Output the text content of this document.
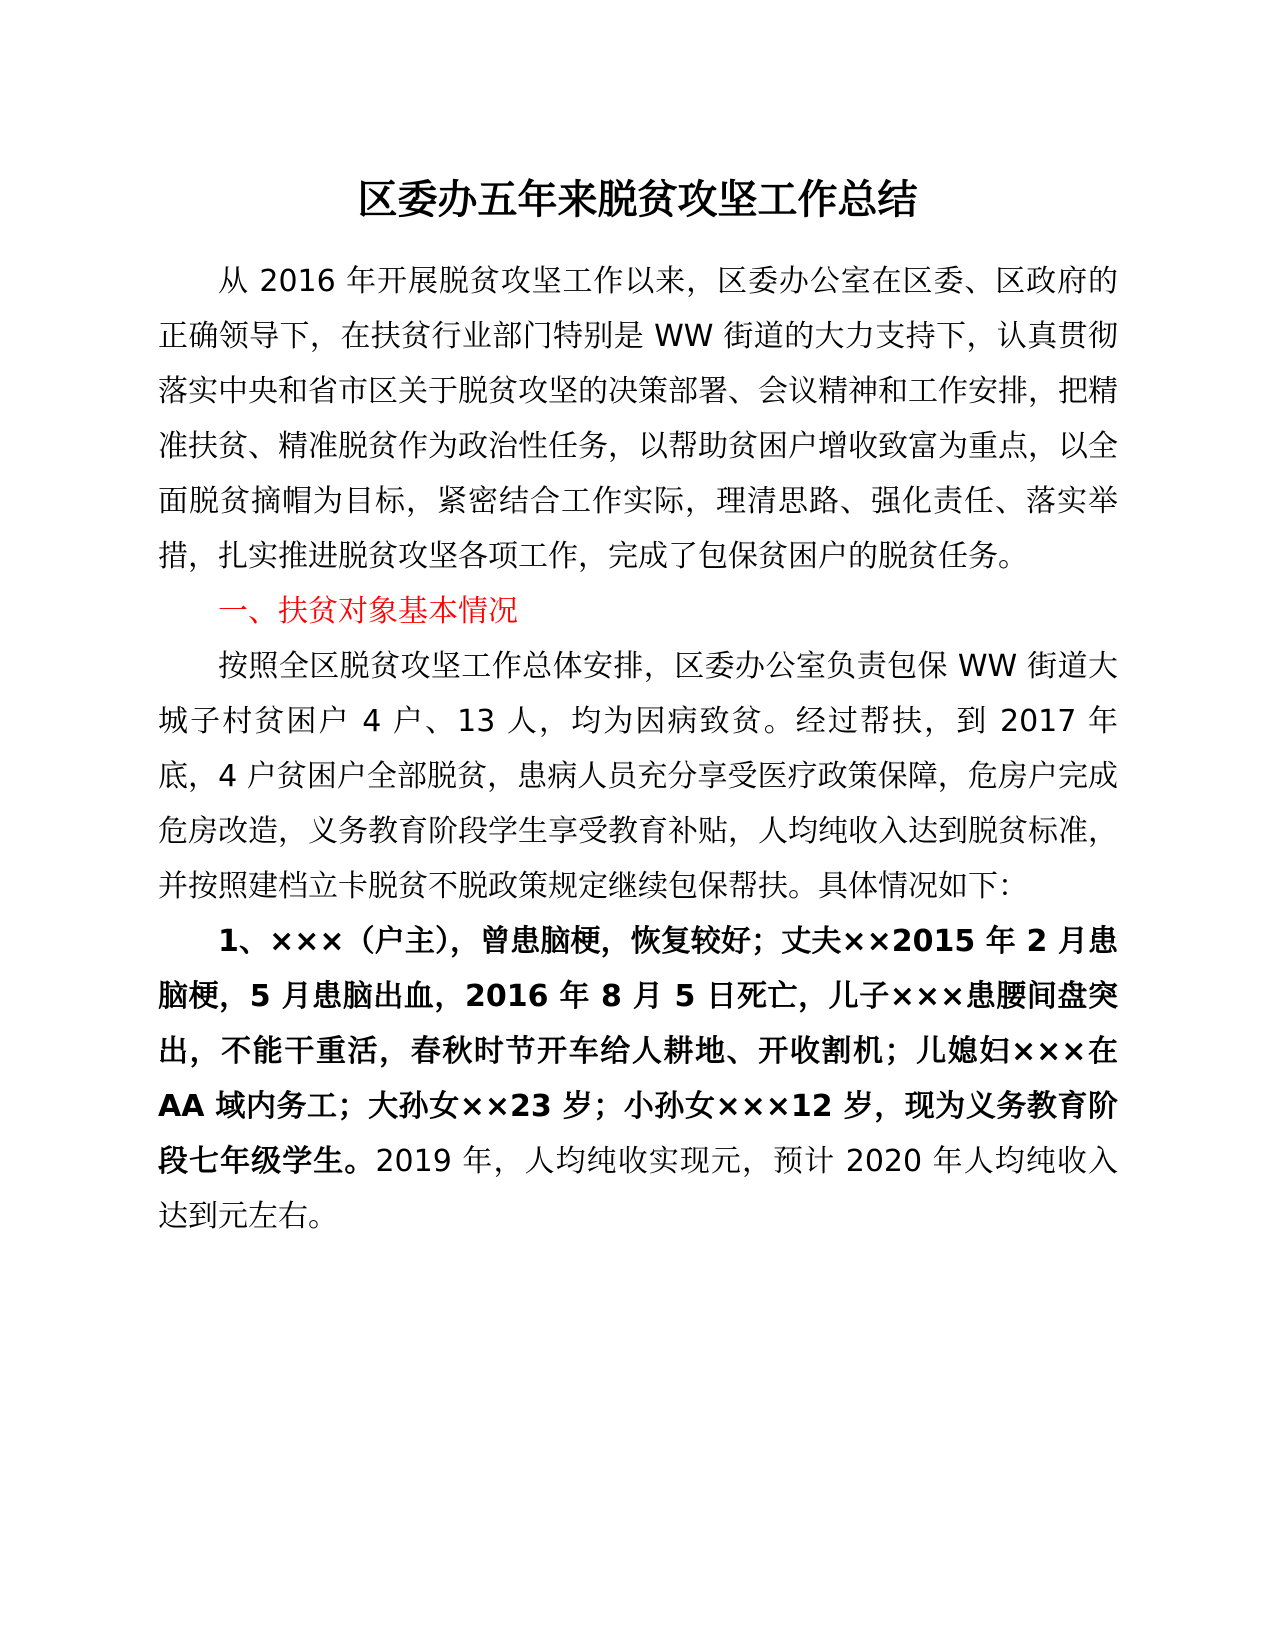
区委办五年来脱贫攻坚工作总结

从 2016 年开展脱贫攻坚工作以来，区委办公室在区委、区政府的正确领导下，在扶贫行业部门特别是 WW 街道的大力支持下，认真贯彻落实中央和省市区关于脱贫攻坚的决策部署、会议精神和工作安排，把精准扶贫、精准脱贫作为政治性任务，以帮助贫困户增收致富为重点，以全面脱贫摘帽为目标，紧密结合工作实际，理清思路、强化责任、落实举措，扎实推进脱贫攻坚各项工作，完成了包保贫困户的脱贫任务。

一、扶贫对象基本情况

按照全区脱贫攻坚工作总体安排，区委办公室负责包保 WW 街道大城子村贫困户 4 户、13 人，均为因病致贫。经过帮扶，到 2017 年底，4 户贫困户全部脱贫，患病人员充分享受医疗政策保障，危房户完成危房改造，义务教育阶段学生享受教育补贴，人均纯收入达到脱贫标准，并按照建档立卡脱贫不脱政策规定继续包保帮扶。具体情况如下：

1、×××（户主），曾患脑梗，恢复较好；丈夫××2015 年 2 月患脑梗，5 月患脑出血，2016 年 8 月 5 日死亡，儿子×××患腰间盘突出，不能干重活，春秋时节开车给人耕地、开收割机；儿媳妇×××在 AA 域内务工；大孙女××23 岁；小孙女×××12 岁，现为义务教育阶段七年级学生。2019 年，人均纯收实现元，预计 2020 年人均纯收入达到元左右。
